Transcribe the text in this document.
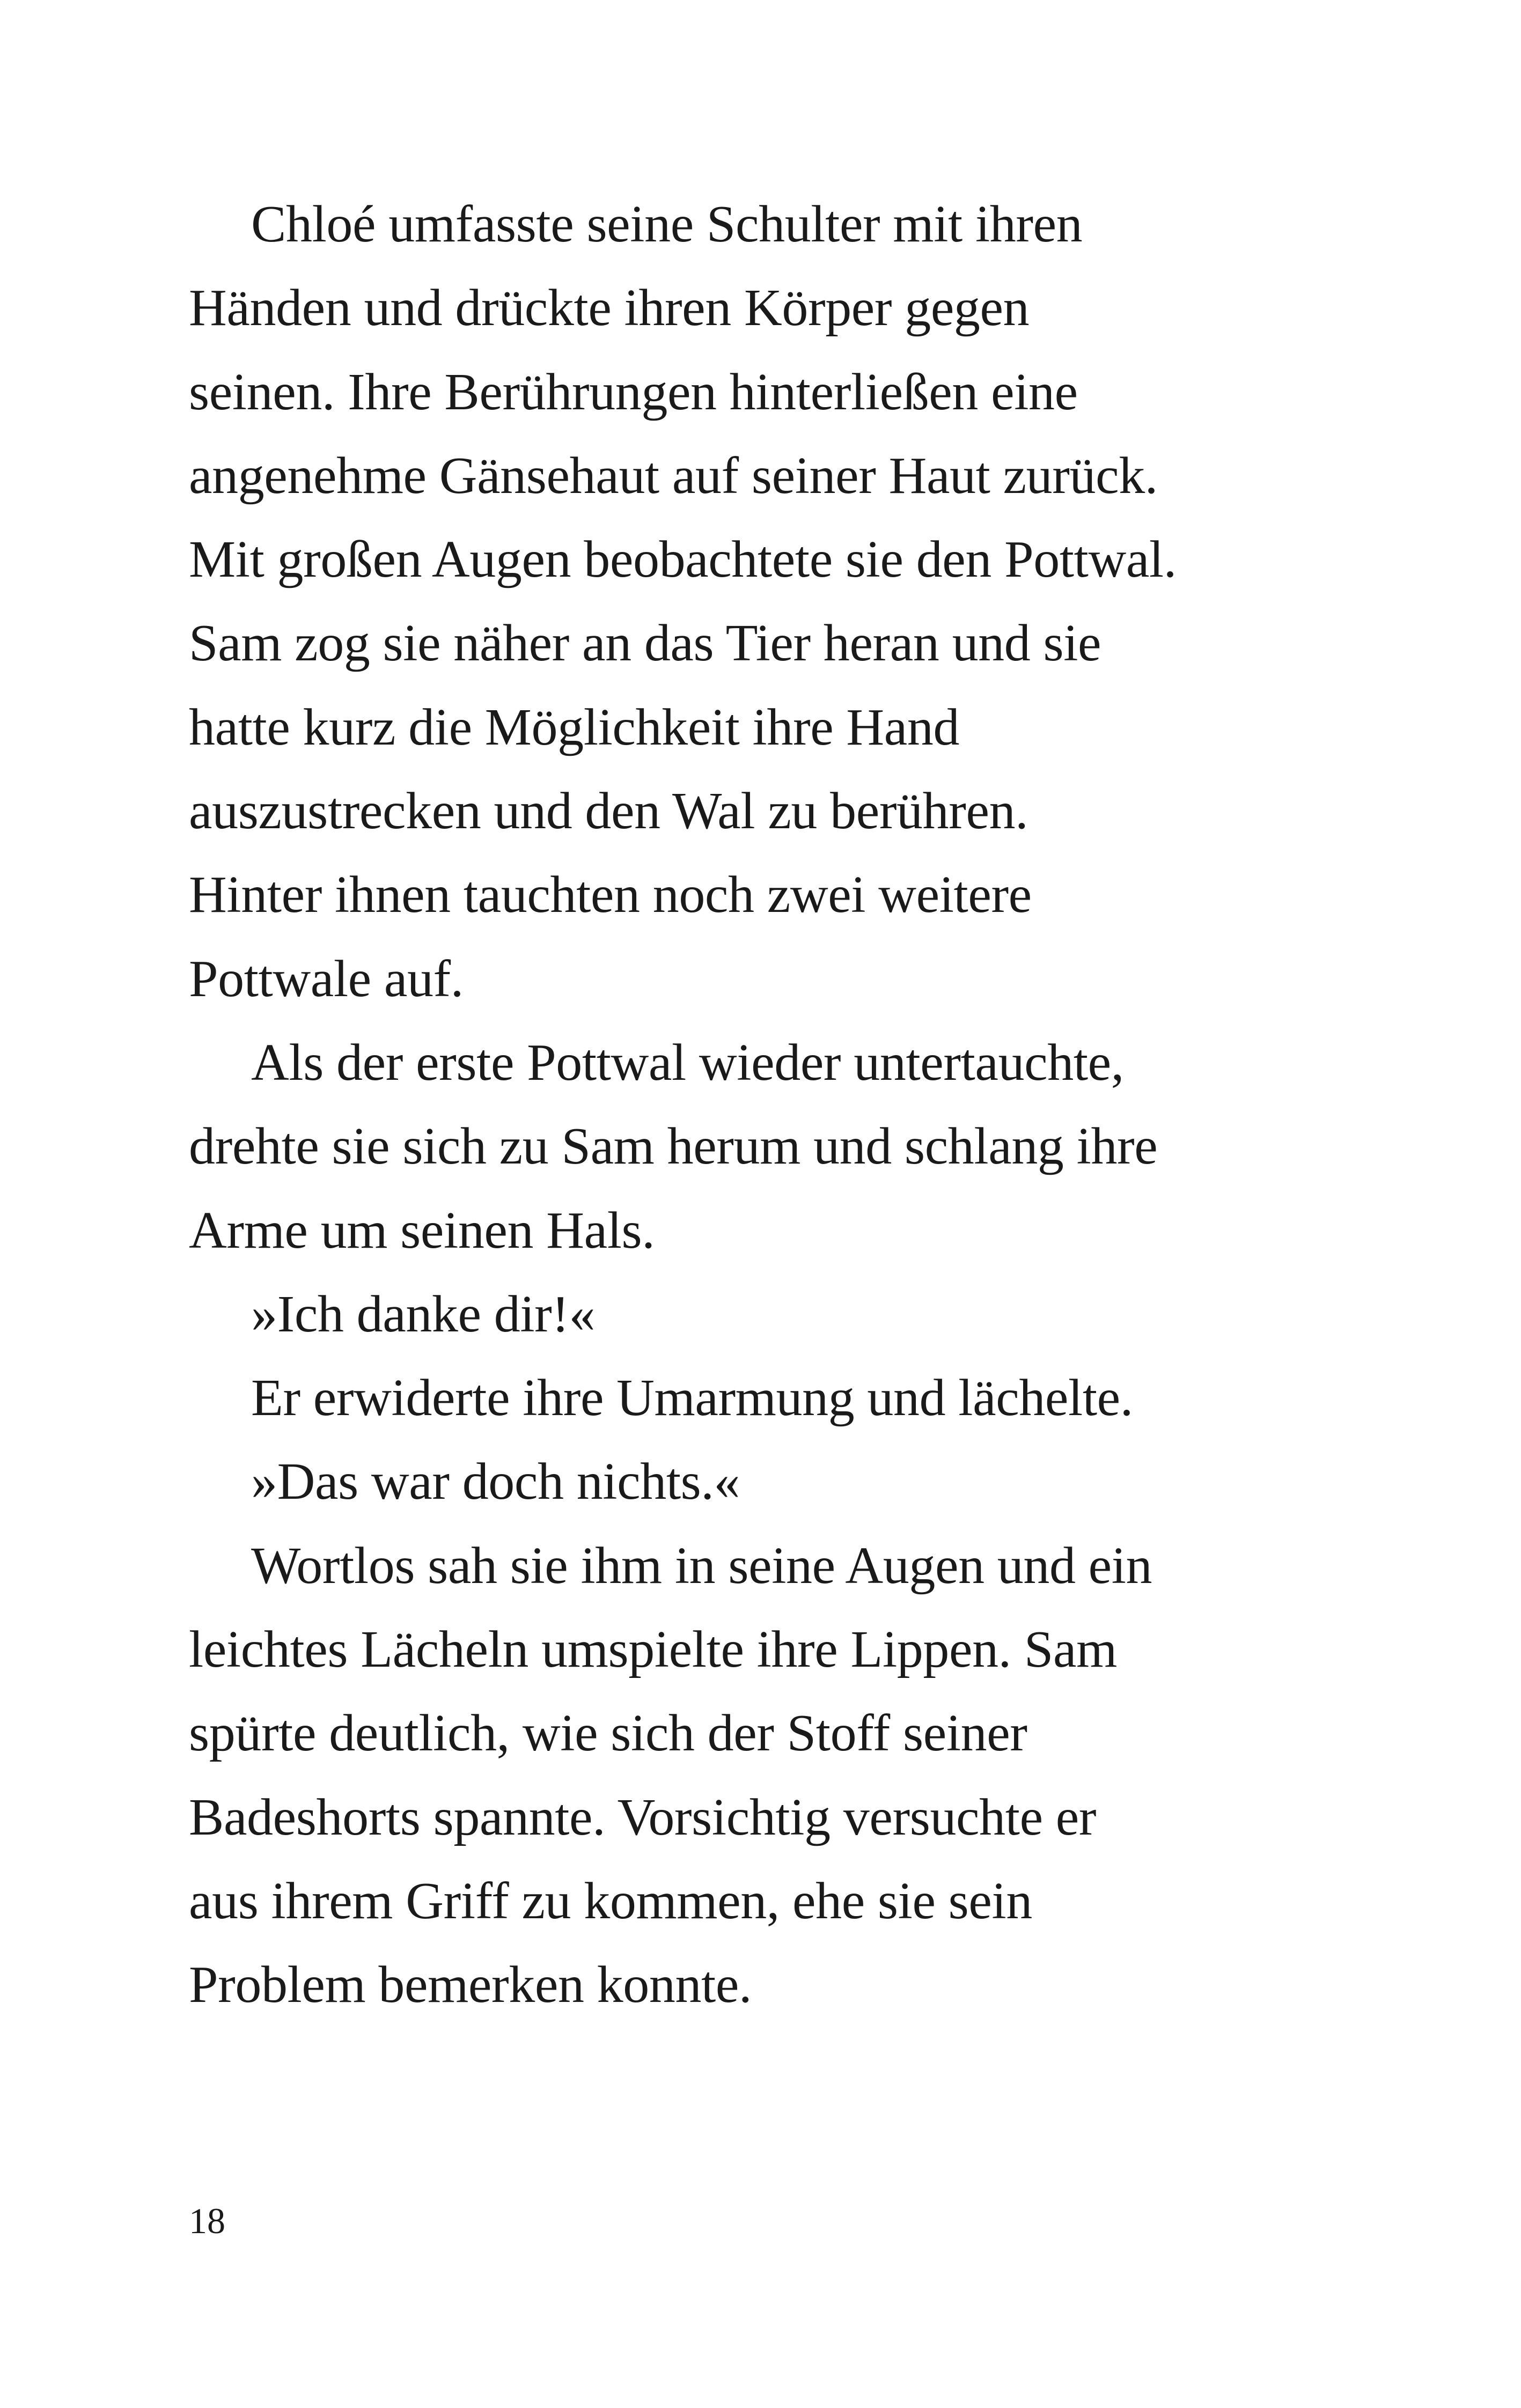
Chloé umfasste seine Schulter mit ihren
Händen und drückte ihren Körper gegen
seinen. Ihre Berührungen hinterließen eine
angenehme Gänsehaut auf seiner Haut zurück.
Mit großen Augen beobachtete sie den Pottwal.
Sam zog sie näher an das Tier heran und sie
hatte kurz die Möglichkeit ihre Hand
auszustrecken und den Wal zu berühren.
Hinter ihnen tauchten noch zwei weitere
Pottwale auf.
Als der erste Pottwal wieder untertauchte,
drehte sie sich zu Sam herum und schlang ihre
Arme um seinen Hals.
»Ich danke dir!«
Er erwiderte ihre Umarmung und lächelte.
»Das war doch nichts.«
Wortlos sah sie ihm in seine Augen und ein
leichtes Lächeln umspielte ihre Lippen. Sam
spürte deutlich, wie sich der Stoff seiner
Badeshorts spannte. Vorsichtig versuchte er
aus ihrem Griff zu kommen, ehe sie sein
Problem bemerken konnte.
18
